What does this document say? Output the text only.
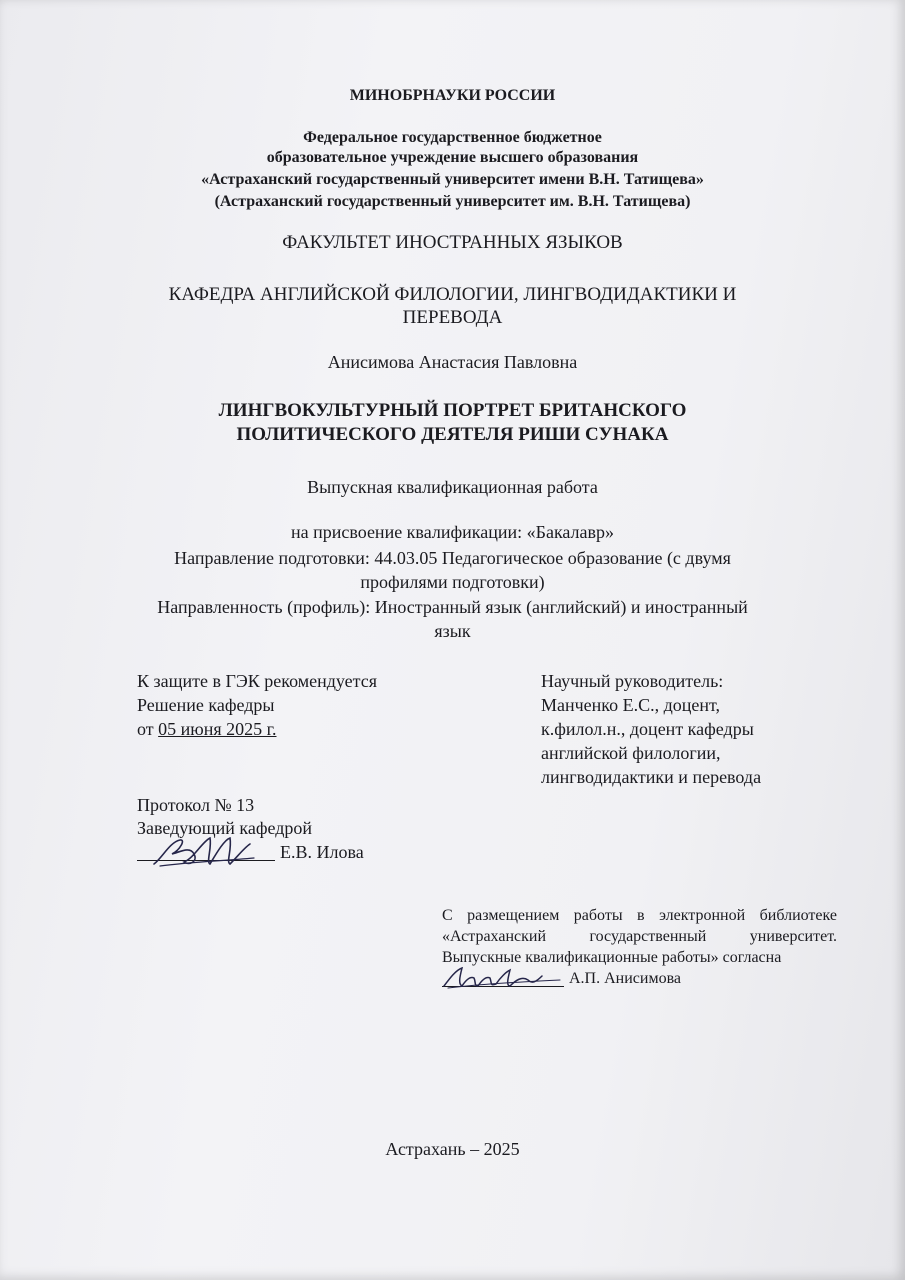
МИНОБРНАУКИ РОССИИ
Федеральное государственное бюджетное
образовательное учреждение высшего образования
«Астраханский государственный университет имени В.Н. Татищева»
(Астраханский государственный университет им. В.Н. Татищева)
ФАКУЛЬТЕТ ИНОСТРАННЫХ ЯЗЫКОВ
КАФЕДРА АНГЛИЙСКОЙ ФИЛОЛОГИИ, ЛИНГВОДИДАКТИКИ И
ПЕРЕВОДА
Анисимова Анастасия Павловна
ЛИНГВОКУЛЬТУРНЫЙ ПОРТРЕТ БРИТАНСКОГО
ПОЛИТИЧЕСКОГО ДЕЯТЕЛЯ РИШИ СУНАКА
Выпускная квалификационная работа
на присвоение квалификации: «Бакалавр»
Направление подготовки: 44.03.05 Педагогическое образование (с двумя
профилями подготовки)
Направленность (профиль): Иностранный язык (английский) и иностранный
язык
К защите в ГЭК рекомендуется
Решение кафедры
от 05 июня 2025 г.
Протокол № 13
Заведующий кафедрой
Е.В. Илова
Научный руководитель:
Манченко Е.С., доцент,
к.филол.н., доцент кафедры
английской филологии,
лингводидактики и перевода
С размещением работы в электронной библиотеке
«Астраханский государственный университет.
Выпускные квалификационные работы» согласна
А.П. Анисимова
Астрахань – 2025
